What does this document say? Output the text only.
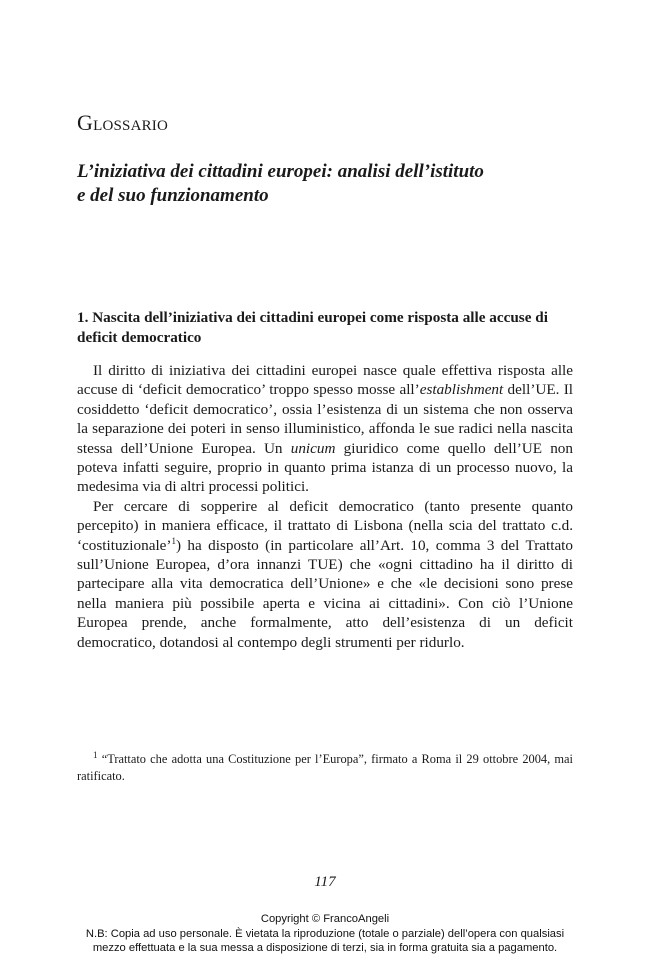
Glossario
L’iniziativa dei cittadini europei: analisi dell’istituto
e del suo funzionamento
1. Nascita dell’iniziativa dei cittadini europei come risposta alle accuse di deficit democratico

Il diritto di iniziativa dei cittadini europei nasce quale effettiva risposta alle accuse di ‘deficit democratico’ troppo spesso mosse all’establishment dell’UE. Il cosiddetto ‘deficit democratico’, ossia l’esistenza di un sistema che non osserva la separazione dei poteri in senso illuministico, affonda le sue radici nella nascita stessa dell’Unione Europea. Un unicum giuridico come quello dell’UE non poteva infatti seguire, proprio in quanto prima istanza di un processo nuovo, la medesima via di altri processi politici.

Per cercare di sopperire al deficit democratico (tanto presente quanto percepito) in maniera efficace, il trattato di Lisbona (nella scia del trattato c.d. ‘costituzionale’$^1$) ha disposto (in particolare all’Art. 10, comma 3 del Trattato sull’Unione Europea, d’ora innanzi TUE) che «ogni cittadino ha il diritto di partecipare alla vita democratica dell’Unione» e che «le decisioni sono prese nella maniera più possibile aperta e vicina ai cittadini». Con ciò l’Unione Europea prende, anche formalmente, atto dell’esistenza di un deficit democratico, dotandosi al contempo degli strumenti per ridurlo.

$^1$ “Trattato che adotta una Costituzione per l’Europa”, firmato a Roma il 29 ottobre 2004, mai ratificato.
117
Copyright © FrancoAngeli
N.B: Copia ad uso personale. È vietata la riproduzione (totale o parziale) dell’opera con qualsiasi
mezzo effettuata e la sua messa a disposizione di terzi, sia in forma gratuita sia a pagamento.
